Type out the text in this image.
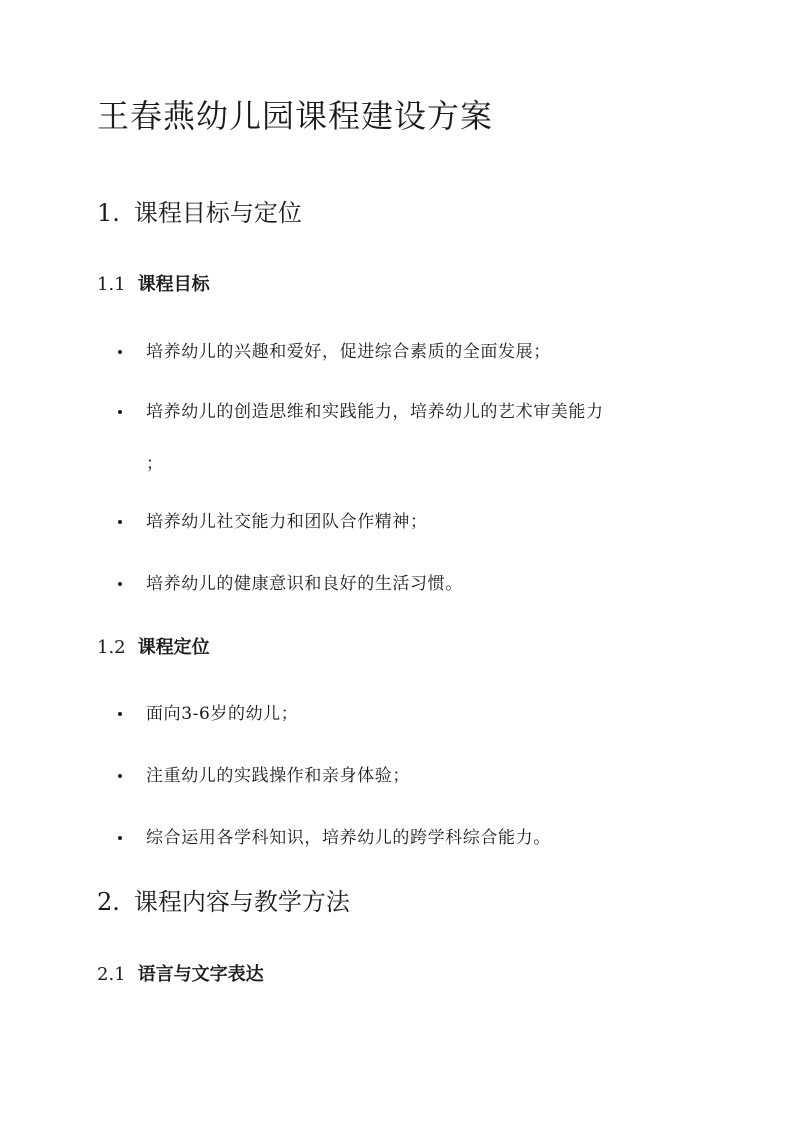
王春燕幼儿园课程建设方案
1. 课程目标与定位
1.1 课程目标
培养幼儿的兴趣和爱好，促进综合素质的全面发展；
培养幼儿的创造思维和实践能力，培养幼儿的艺术审美能力
；
培养幼儿社交能力和团队合作精神；
培养幼儿的健康意识和良好的生活习惯。
1.2 课程定位
面向3-6岁的幼儿；
注重幼儿的实践操作和亲身体验；
综合运用各学科知识，培养幼儿的跨学科综合能力。
2. 课程内容与教学方法
2.1 语言与文字表达
